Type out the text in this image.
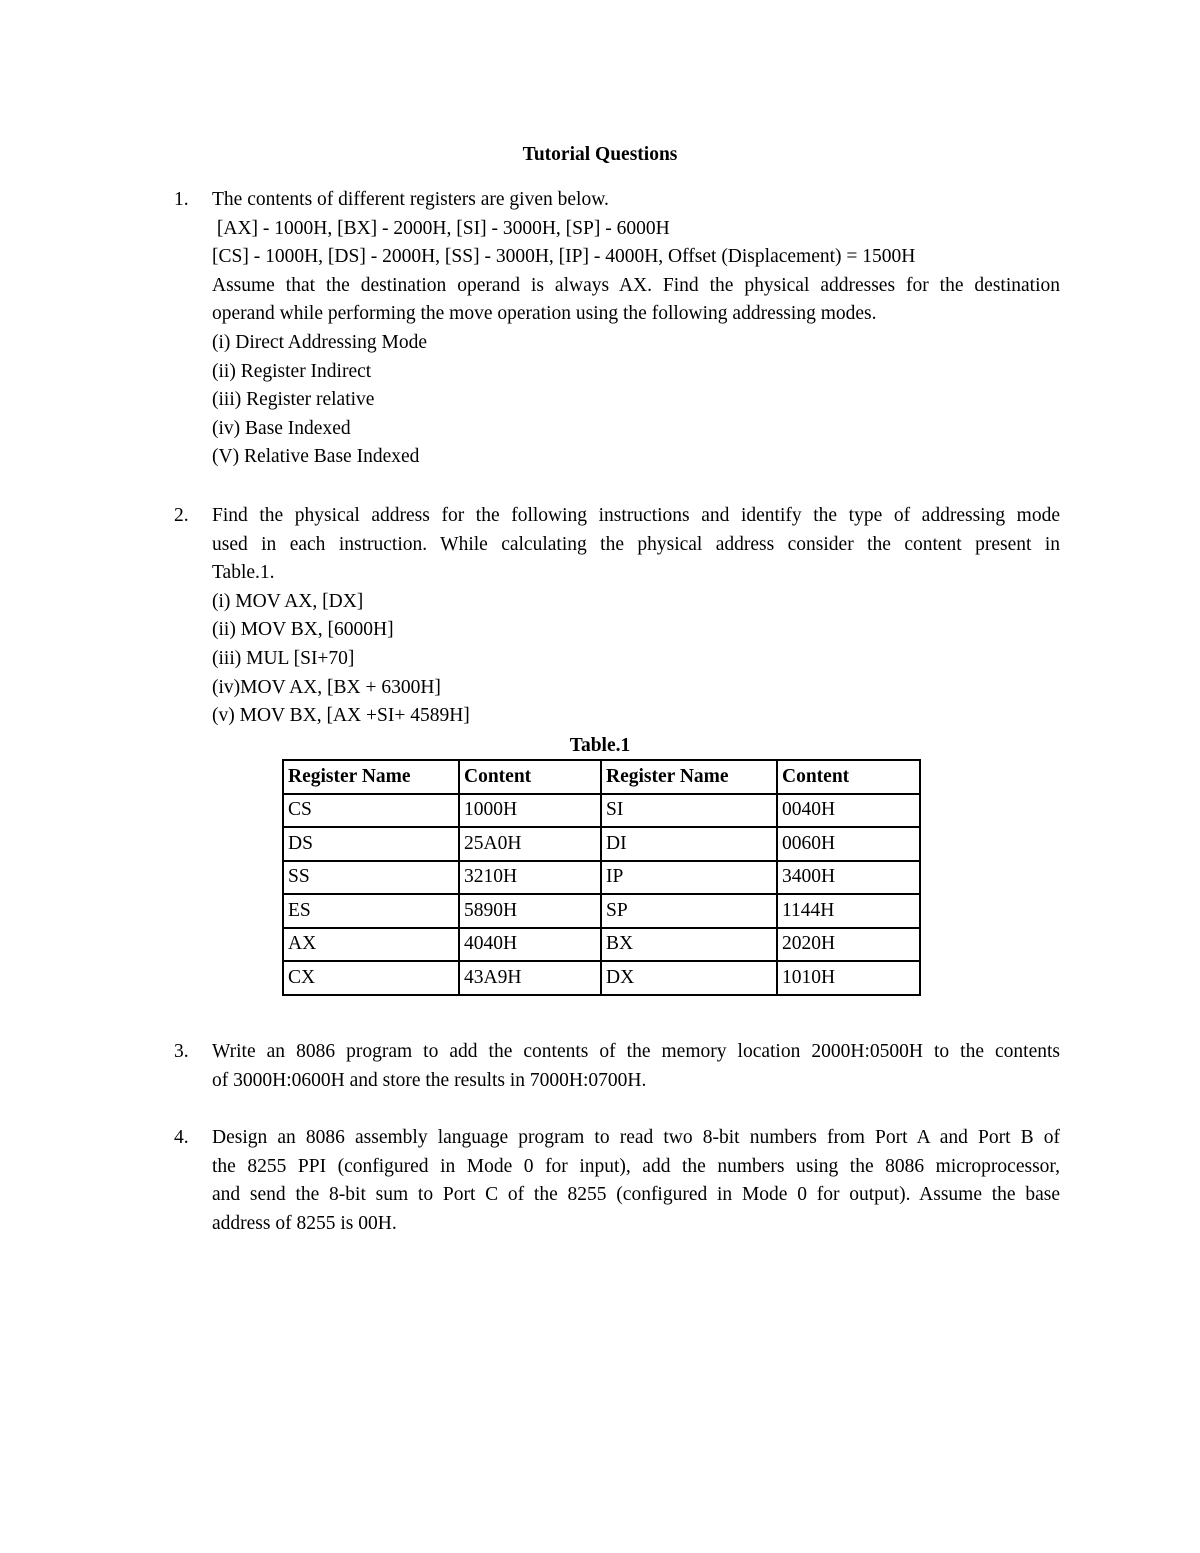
Tutorial Questions
1.	The contents of different registers are given below.
[AX] - 1000H, [BX] - 2000H, [SI] - 3000H, [SP] - 6000H
[CS] - 1000H, [DS] - 2000H, [SS] - 3000H, [IP] - 4000H, Offset (Displacement) = 1500H
Assume that the destination operand is always AX. Find the physical addresses for the destination
operand while performing the move operation using the following addressing modes.
(i) Direct Addressing Mode
(ii) Register Indirect
(iii) Register relative
(iv) Base Indexed
(V) Relative Base Indexed
2.	Find the physical address for the following instructions and identify the type of addressing mode
used in each instruction. While calculating the physical address consider the content present in
Table.1.
(i) MOV AX, [DX]
(ii) MOV BX, [6000H]
(iii) MUL [SI+70]
(iv)MOV AX, [BX + 6300H]
(v) MOV BX, [AX +SI+ 4589H]
Table.1
Register Name	Content	Register Name	Content
CS	1000H	SI	0040H
DS	25A0H	DI	0060H
SS	3210H	IP	3400H
ES	5890H	SP	1144H
AX	4040H	BX	2020H
CX	43A9H	DX	1010H
3.	Write an 8086 program to add the contents of the memory location 2000H:0500H to the contents
of 3000H:0600H and store the results in 7000H:0700H.
4.	Design an 8086 assembly language program to read two 8-bit numbers from Port A and Port B of
the 8255 PPI (configured in Mode 0 for input), add the numbers using the 8086 microprocessor,
and send the 8-bit sum to Port C of the 8255 (configured in Mode 0 for output). Assume the base
address of 8255 is 00H.
